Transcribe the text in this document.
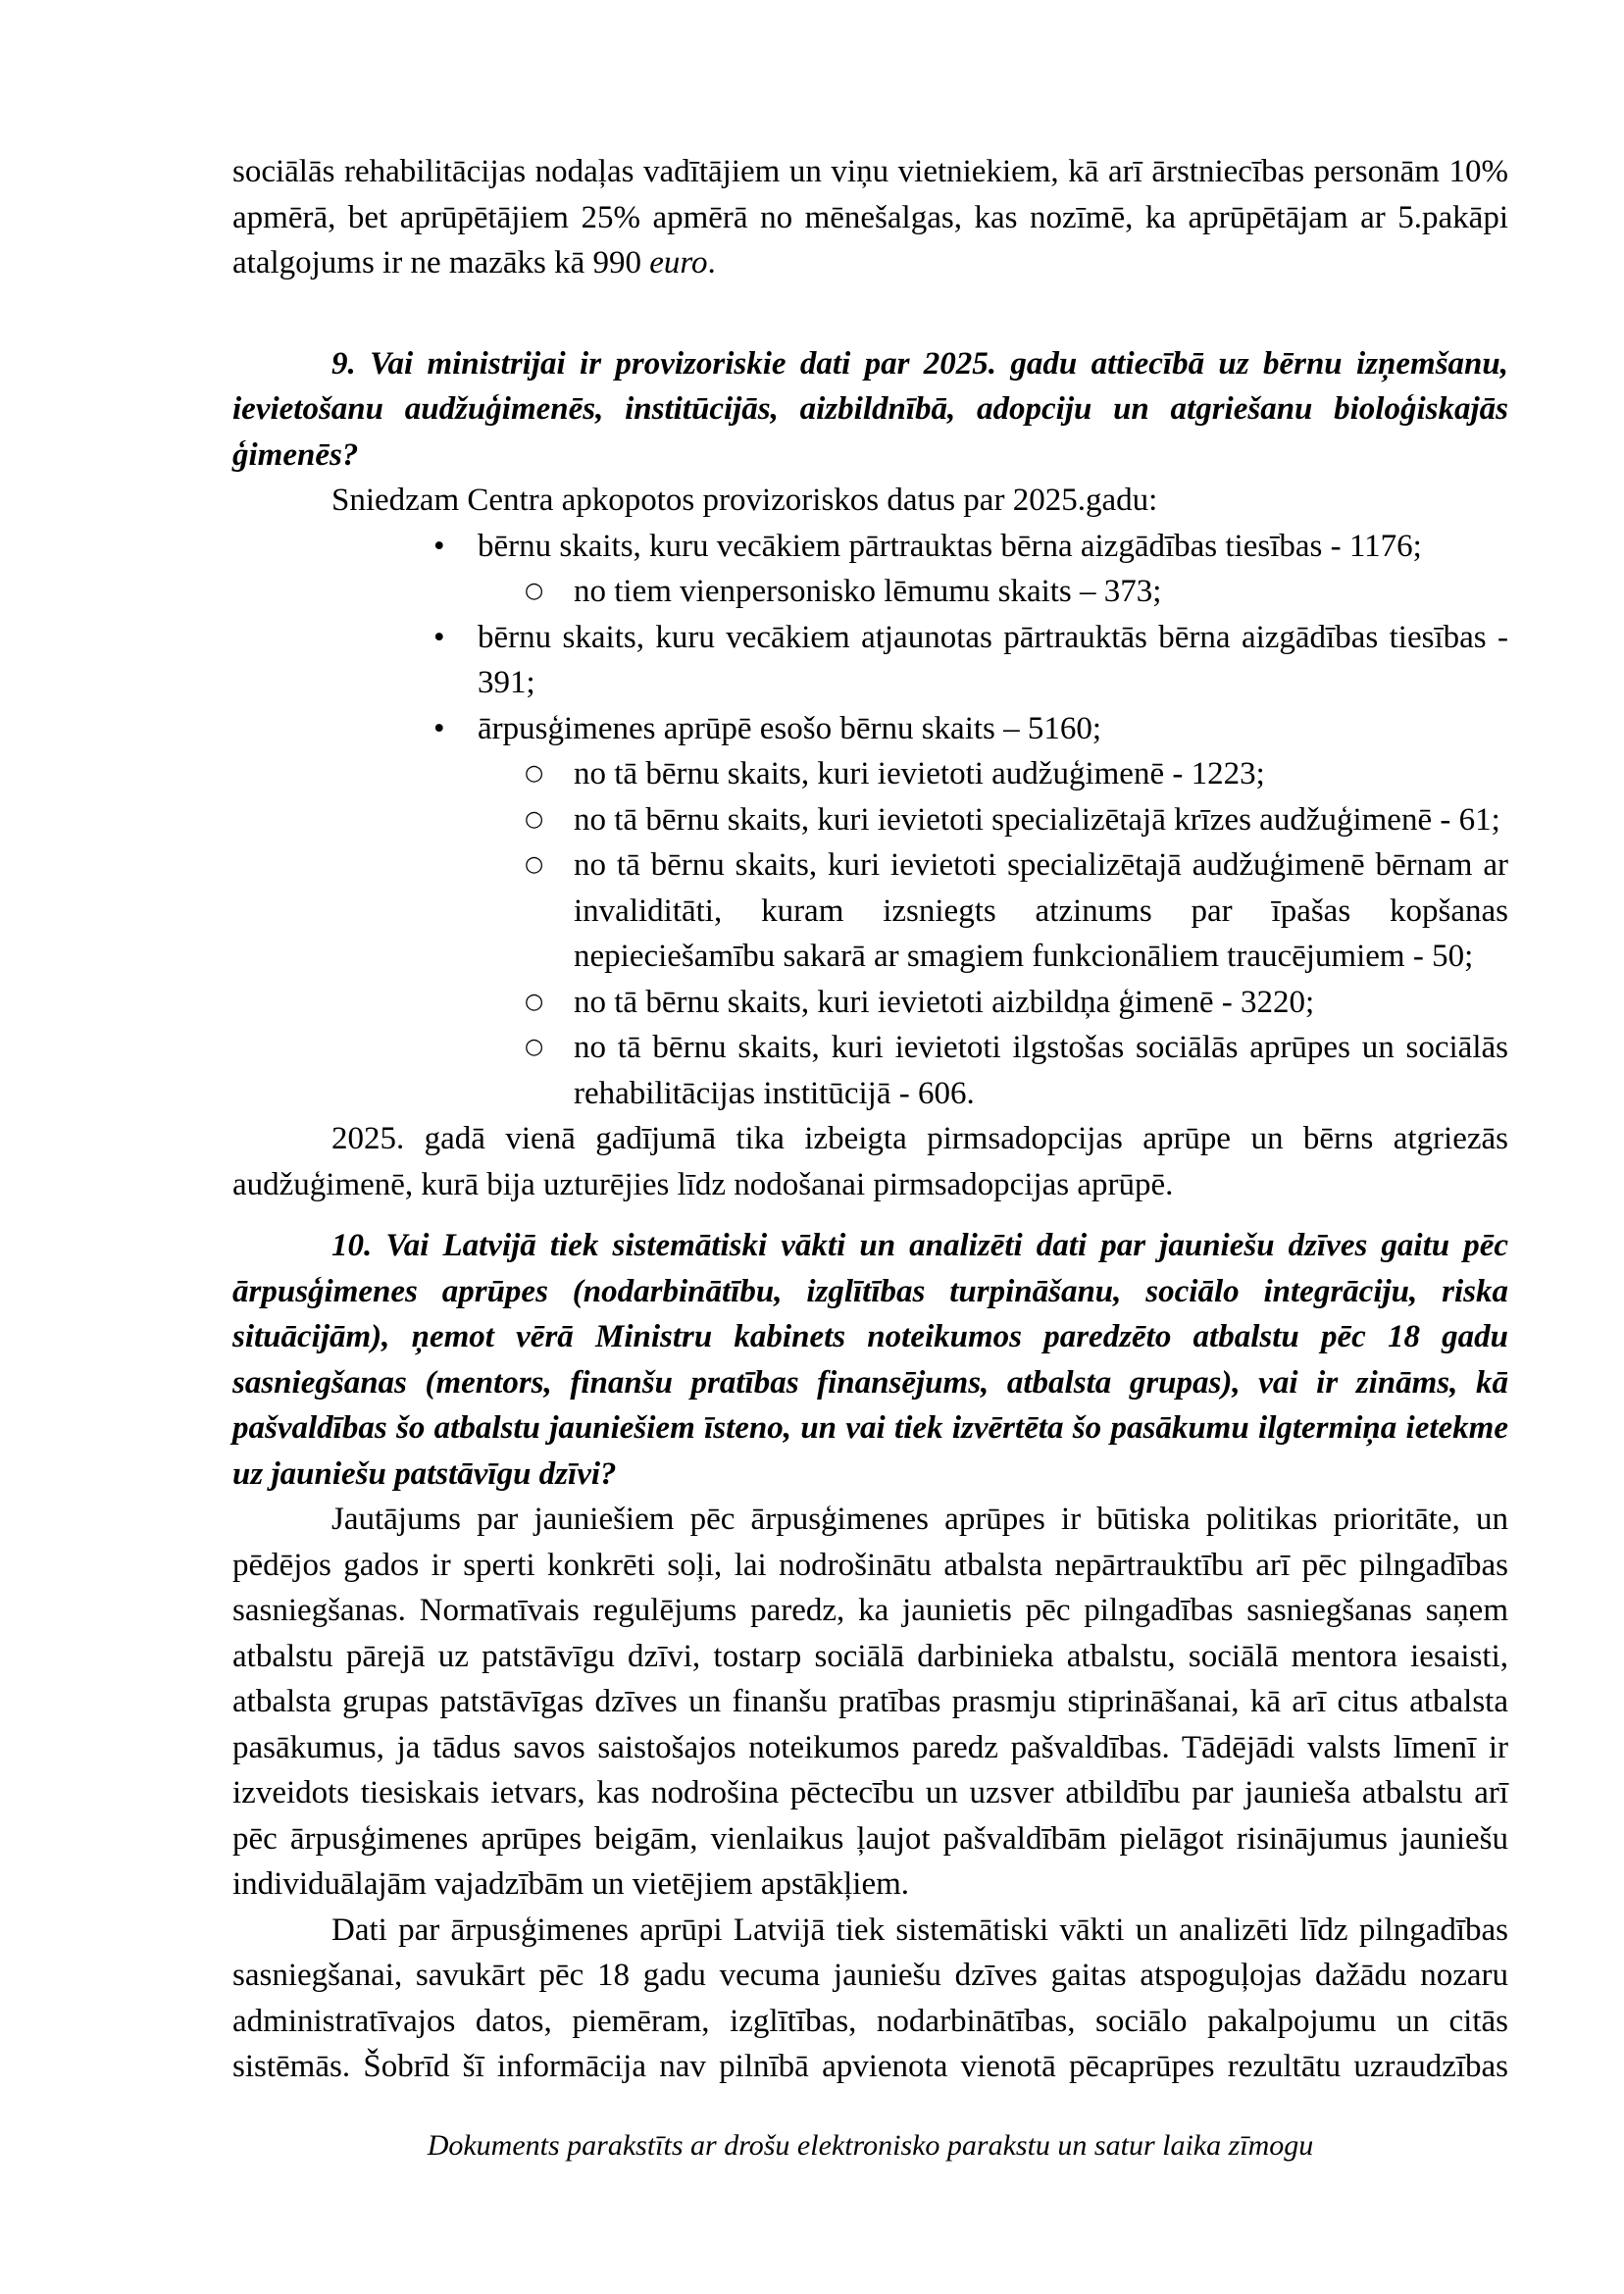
sociālās rehabilitācijas nodaļas vadītājiem un viņu vietniekiem, kā arī ārstniecības personām 10% apmērā, bet aprūpētājiem 25% apmērā no mēnešalgas, kas nozīmē, ka aprūpētājam ar 5.pakāpi atalgojums ir ne mazāks kā 990 euro.

9. Vai ministrijai ir provizoriskie dati par 2025. gadu attiecībā uz bērnu izņemšanu, ievietošanu audžuģimenēs, institūcijās, aizbildnībā, adopciju un atgriešanu bioloģiskajās ģimenēs?

Sniedzam Centra apkopotos provizoriskos datus par 2025.gadu:

•	bērnu skaits, kuru vecākiem pārtrauktas bērna aizgādības tiesības - 1176;
○ no tiem vienpersonisko lēmumu skaits – 373;
•	bērnu skaits, kuru vecākiem atjaunotas pārtrauktās bērna aizgādības tiesības - 391;
•	ārpusģimenes aprūpē esošo bērnu skaits – 5160;
○ no tā bērnu skaits, kuri ievietoti audžuģimenē - 1223;
○ no tā bērnu skaits, kuri ievietoti specializētajā krīzes audžuģimenē - 61;
○ no tā bērnu skaits, kuri ievietoti specializētajā audžuģimenē bērnam ar invaliditāti, kuram izsniegts atzinums par īpašas kopšanas nepieciešamību sakarā ar smagiem funkcionāliem traucējumiem - 50;
○ no tā bērnu skaits, kuri ievietoti aizbildņa ģimenē - 3220;
○ no tā bērnu skaits, kuri ievietoti ilgstošas sociālās aprūpes un sociālās rehabilitācijas institūcijā - 606.

2025. gadā vienā gadījumā tika izbeigta pirmsadopcijas aprūpe un bērns atgriezās audžuģimenē, kurā bija uzturējies līdz nodošanai pirmsadopcijas aprūpē.

10. Vai Latvijā tiek sistemātiski vākti un analizēti dati par jauniešu dzīves gaitu pēc ārpusģimenes aprūpes (nodarbinātību, izglītības turpināšanu, sociālo integrāciju, riska situācijām), ņemot vērā Ministru kabinets noteikumos paredzēto atbalstu pēc 18 gadu sasniegšanas (mentors, finanšu pratības finansējums, atbalsta grupas), vai ir zināms, kā pašvaldības šo atbalstu jauniešiem īsteno, un vai tiek izvērtēta šo pasākumu ilgtermiņa ietekme uz jauniešu patstāvīgu dzīvi?

Jautājums par jauniešiem pēc ārpusģimenes aprūpes ir būtiska politikas prioritāte, un pēdējos gados ir sperti konkrēti soļi, lai nodrošinātu atbalsta nepārtrauktību arī pēc pilngadības sasniegšanas. Normatīvais regulējums paredz, ka jaunietis pēc pilngadības sasniegšanas saņem atbalstu pārejā uz patstāvīgu dzīvi, tostarp sociālā darbinieka atbalstu, sociālā mentora iesaisti, atbalsta grupas patstāvīgas dzīves un finanšu pratības prasmju stiprināšanai, kā arī citus atbalsta pasākumus, ja tādus savos saistošajos noteikumos paredz pašvaldības. Tādējādi valsts līmenī ir izveidots tiesiskais ietvars, kas nodrošina pēctecību un uzsver atbildību par jaunieša atbalstu arī pēc ārpusģimenes aprūpes beigām, vienlaikus ļaujot pašvaldībām pielāgot risinājumus jauniešu individuālajām vajadzībām un vietējiem apstākļiem.

Dati par ārpusģimenes aprūpi Latvijā tiek sistemātiski vākti un analizēti līdz pilngadības sasniegšanai, savukārt pēc 18 gadu vecuma jauniešu dzīves gaitas atspoguļojas dažādu nozaru administratīvajos datos, piemēram, izglītības, nodarbinātības, sociālo pakalpojumu un citās sistēmās. Šobrīd šī informācija nav pilnībā apvienota vienotā pēcaprūpes rezultātu uzraudzības

Dokuments parakstīts ar drošu elektronisko parakstu un satur laika zīmogu
